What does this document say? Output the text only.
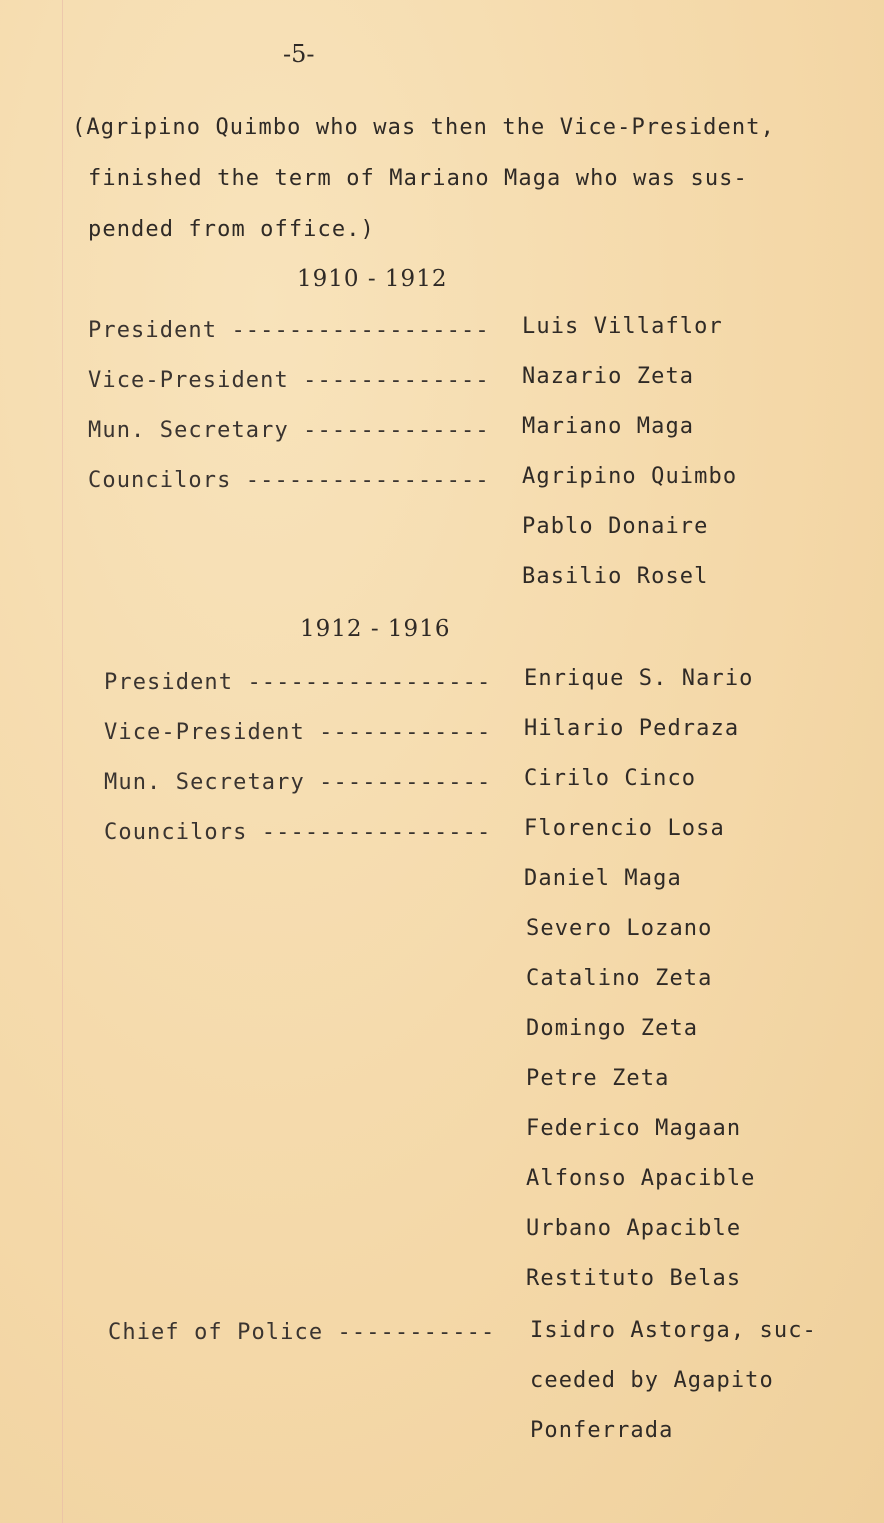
-5-
(Agripino Quimbo who was then the Vice-President,
finished the term of Mariano Maga who was sus-
pended from office.)
1910 - 1912
President ------------------ Luis Villaflor
Vice-President ------------- Nazario Zeta
Mun. Secretary ------------- Mariano Maga
Councilors ----------------- Agripino Quimbo
Pablo Donaire
Basilio Rosel
1912 - 1916
President ----------------- Enrique S. Nario
Vice-President ------------ Hilario Pedraza
Mun. Secretary ------------ Cirilo Cinco
Councilors ---------------- Florencio Losa
Daniel Maga
Severo Lozano
Catalino Zeta
Domingo Zeta
Petre Zeta
Federico Magaan
Alfonso Apacible
Urbano Apacible
Restituto Belas
Chief of Police ----------- Isidro Astorga, suc-
ceeded by Agapito
Ponferrada
